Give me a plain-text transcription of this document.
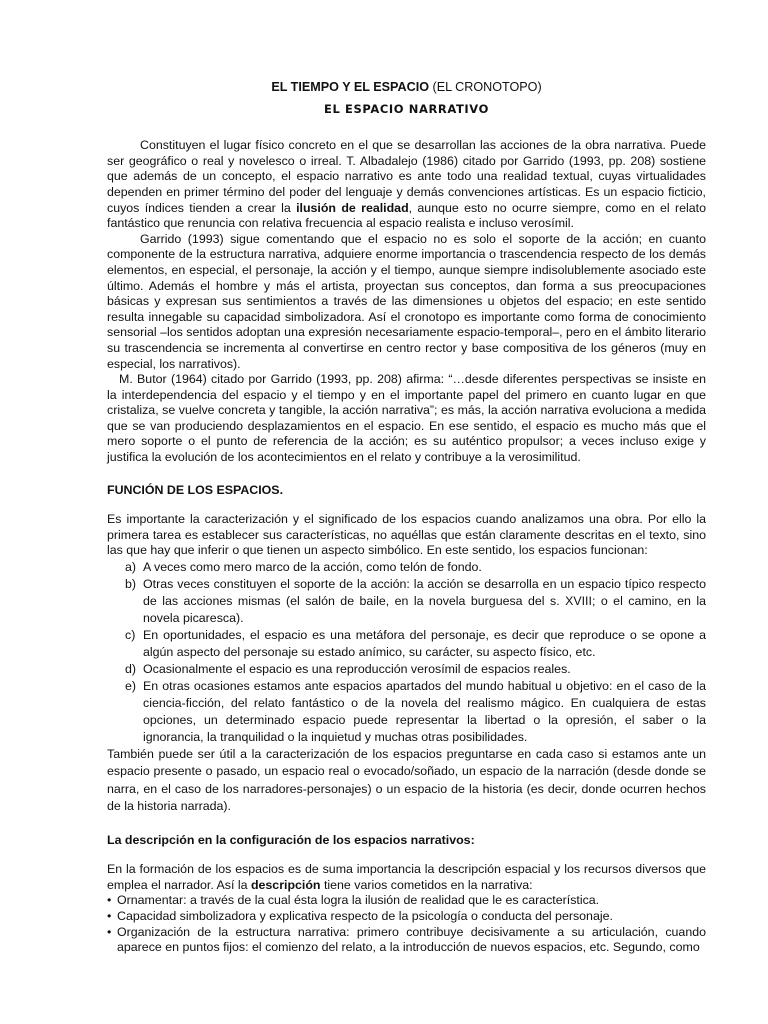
EL TIEMPO Y EL ESPACIO (EL CRONOTOPO)
EL ESPACIO NARRATIVO

Constituyen el lugar físico concreto en el que se desarrollan las acciones de la obra narrativa. Puede ser geográfico o real y novelesco o irreal. T. Albadalejo (1986) citado por Garrido (1993, pp. 208) sostiene que además de un concepto, el espacio narrativo es ante todo una realidad textual, cuyas virtualidades dependen en primer término del poder del lenguaje y demás convenciones artísticas. Es un espacio ficticio, cuyos índices tienden a crear la ilusión de realidad, aunque esto no ocurre siempre, como en el relato fantástico que renuncia con relativa frecuencia al espacio realista e incluso verosímil.

Garrido (1993) sigue comentando que el espacio no es solo el soporte de la acción; en cuanto componente de la estructura narrativa, adquiere enorme importancia o trascendencia respecto de los demás elementos, en especial, el personaje, la acción y el tiempo, aunque siempre indisolublemente asociado este último. Además el hombre y más el artista, proyectan sus conceptos, dan forma a sus preocupaciones básicas y expresan sus sentimientos a través de las dimensiones u objetos del espacio; en este sentido resulta innegable su capacidad simbolizadora. Así el cronotopo es importante como forma de conocimiento sensorial –los sentidos adoptan una expresión necesariamente espacio-temporal–, pero en el ámbito literario su trascendencia se incrementa al convertirse en centro rector y base compositiva de los géneros (muy en especial, los narrativos).

M. Butor (1964) citado por Garrido (1993, pp. 208) afirma: “…desde diferentes perspectivas se insiste en la interdependencia del espacio y el tiempo y en el importante papel del primero en cuanto lugar en que cristaliza, se vuelve concreta y tangible, la acción narrativa”; es más, la acción narrativa evoluciona a medida que se van produciendo desplazamientos en el espacio. En ese sentido, el espacio es mucho más que el mero soporte o el punto de referencia de la acción; es su auténtico propulsor; a veces incluso exige y justifica la evolución de los acontecimientos en el relato y contribuye a la verosimilitud.

FUNCIÓN DE LOS ESPACIOS.

Es importante la caracterización y el significado de los espacios cuando analizamos una obra. Por ello la primera tarea es establecer sus características, no aquéllas que están claramente descritas en el texto, sino las que hay que inferir o que tienen un aspecto simbólico. En este sentido, los espacios funcionan:

a) A veces como mero marco de la acción, como telón de fondo.
b) Otras veces constituyen el soporte de la acción: la acción se desarrolla en un espacio típico respecto de las acciones mismas (el salón de baile, en la novela burguesa del s. XVIII; o el camino, en la novela picaresca).
c) En oportunidades, el espacio es una metáfora del personaje, es decir que reproduce o se opone a algún aspecto del personaje su estado anímico, su carácter, su aspecto físico, etc.
d) Ocasionalmente el espacio es una reproducción verosímil de espacios reales.
e) En otras ocasiones estamos ante espacios apartados del mundo habitual u objetivo: en el caso de la ciencia-ficción, del relato fantástico o de la novela del realismo mágico. En cualquiera de estas opciones, un determinado espacio puede representar la libertad o la opresión, el saber o la ignorancia, la tranquilidad o la inquietud y muchas otras posibilidades.

También puede ser útil a la caracterización de los espacios preguntarse en cada caso si estamos ante un espacio presente o pasado, un espacio real o evocado/soñado, un espacio de la narración (desde donde se narra, en el caso de los narradores-personajes) o un espacio de la historia (es decir, donde ocurren hechos de la historia narrada).

La descripción en la configuración de los espacios narrativos:

En la formación de los espacios es de suma importancia la descripción espacial y los recursos diversos que emplea el narrador. Así la descripción tiene varios cometidos en la narrativa:

• Ornamentar: a través de la cual ésta logra la ilusión de realidad que le es característica.
• Capacidad simbolizadora y explicativa respecto de la psicología o conducta del personaje.
• Organización de la estructura narrativa: primero contribuye decisivamente a su articulación, cuando aparece en puntos fijos: el comienzo del relato, a la introducción de nuevos espacios, etc. Segundo, como
